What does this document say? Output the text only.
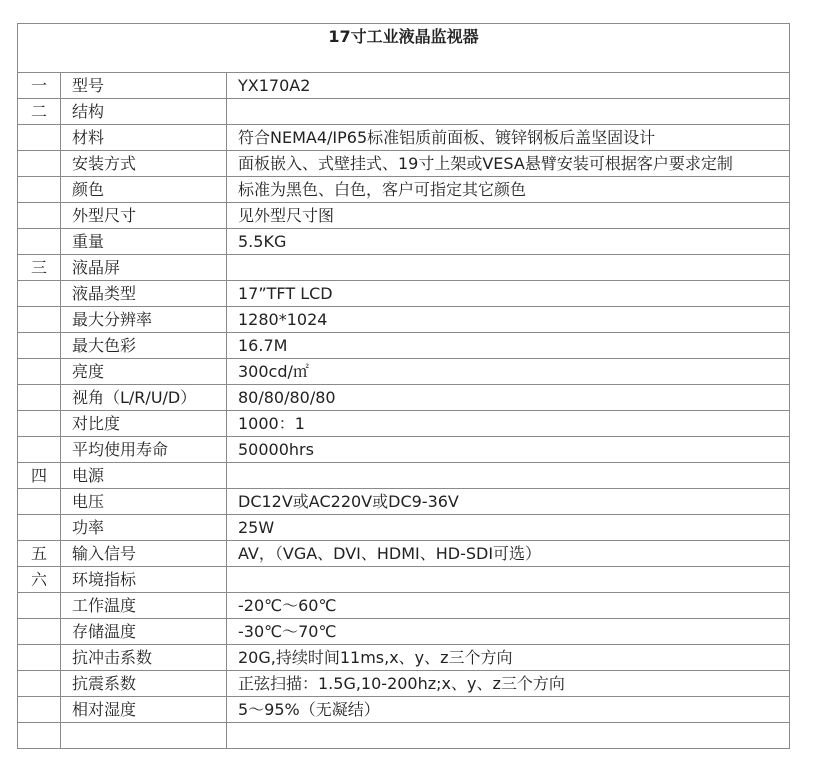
17寸工业液晶监视器		
一	型号	YX170A2
二	结构	
	材料	符合NEMA4/IP65标准铝质前面板、镀锌钢板后盖坚固设计
	安装方式	面板嵌入、式壁挂式、19寸上架或VESA悬臂安装可根据客户要求定制
	颜色	标准为黑色、白色，客户可指定其它颜色
	外型尺寸	见外型尺寸图
	重量	5.5KG
三	液晶屏	
	液晶类型	17”TFT LCD
	最大分辨率	1280*1024
	最大色彩	16.7M
	亮度	300cd/㎡
	视角（L/R/U/D）	80/80/80/80
	对比度	1000：1
	平均使用寿命	50000hrs
四	电源	
	电压	DC12V或AC220V或DC9-36V
	功率	25W
五	输入信号	AV，（VGA、DVI、HDMI、HD-SDI可选）
六	环境指标	
	工作温度	-20℃～60℃
	存储温度	-30℃～70℃
	抗冲击系数	20G,持续时间11ms,x、y、z三个方向
	抗震系数	正弦扫描：1.5G,10-200hz;x、y、z三个方向
	相对湿度	5～95%（无凝结）
